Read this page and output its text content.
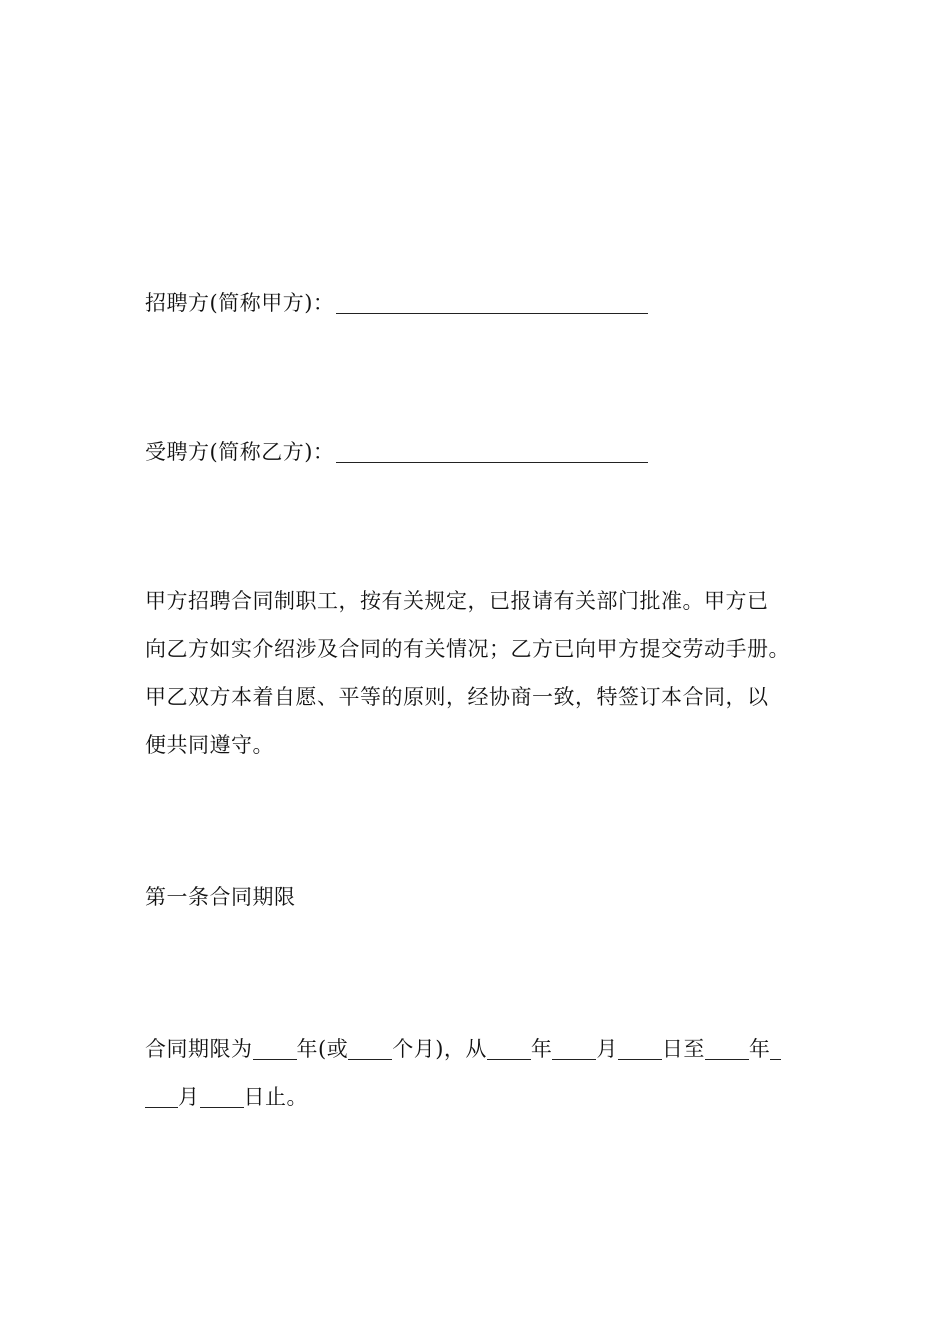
招聘方(简称甲方)：
受聘方(简称乙方)：
甲方招聘合同制职工，按有关规定，已报请有关部门批准。甲方已
向乙方如实介绍涉及合同的有关情况；乙方已向甲方提交劳动手册。
甲乙双方本着自愿、平等的原则，经协商一致，特签订本合同，以
便共同遵守。
第一条合同期限
合同期限为 年(或 个月)，从 年 月 日至 年
月 日止。
